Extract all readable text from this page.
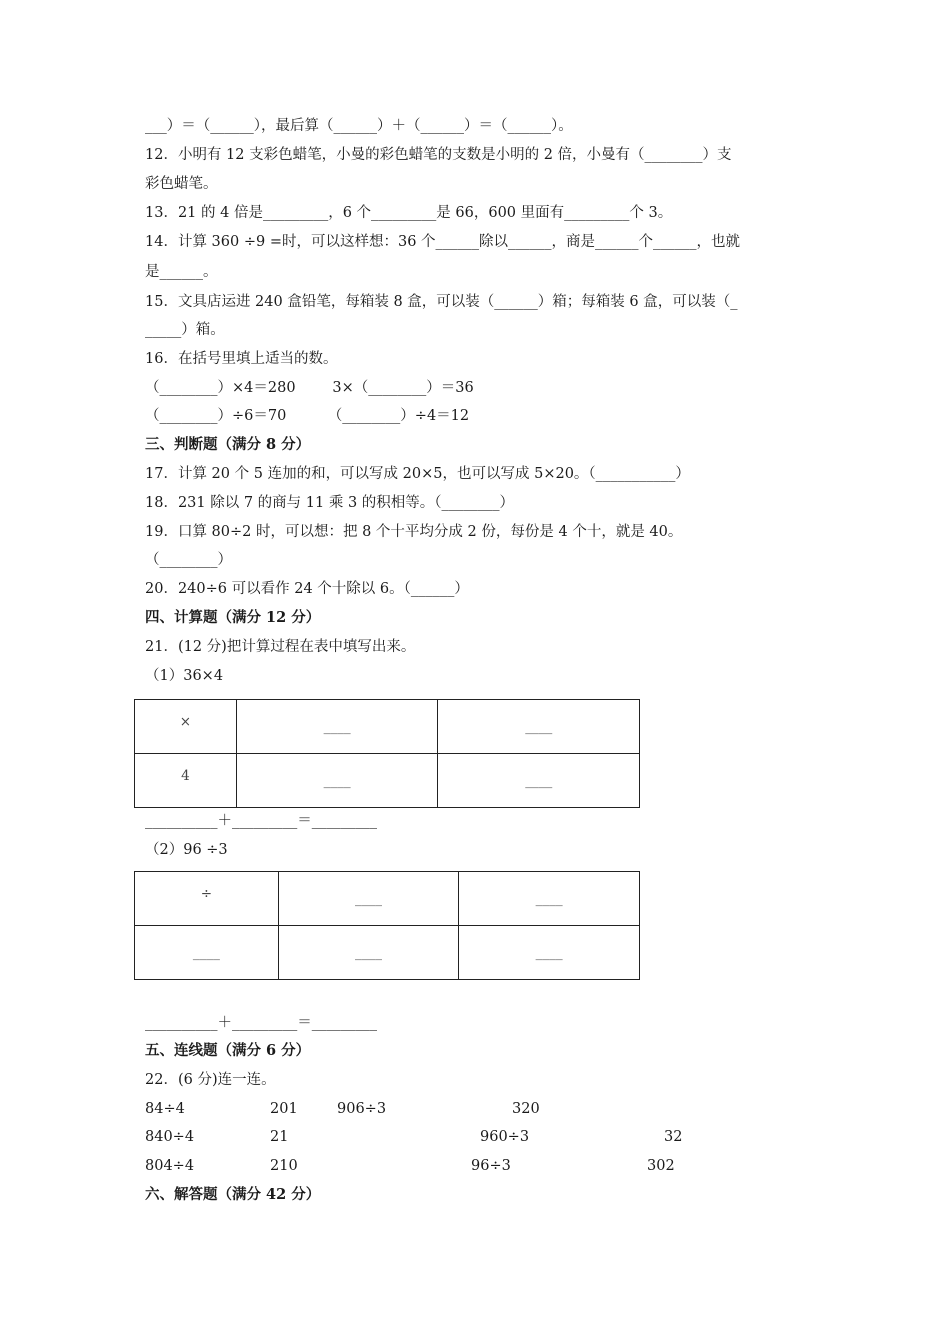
___）＝（______），最后算（______）＋（______）＝（______）。
12．小明有 12 支彩色蜡笔，小曼的彩色蜡笔的支数是小明的 2 倍，小曼有（________）支
彩色蜡笔。
13．21 的 4 倍是_________，6 个_________是 66，600 里面有_________个 3。
14．计算 360 ÷9 =时，可以这样想：36 个______除以______，商是______个______，也就
是______。
15．文具店运进 240 盒铅笔，每箱装 8 盒，可以装（______）箱；每箱装 6 盒，可以装（_
_____）箱。
16．在括号里填上适当的数。
（________）×4＝280        3×（________）＝36
（________）÷6＝70         （________）÷4＝12
三、判断题（满分 8 分）
17．计算 20 个 5 连加的和，可以写成 20×5，也可以写成 5×20。（___________）
18．231 除以 7 的商与 11 乘 3 的积相等。（________）
19．口算 80÷2 时，可以想：把 8 个十平均分成 2 份，每份是 4 个十，就是 40。
（________）
20．240÷6 可以看作 24 个十除以 6。（______）
四、计算题（满分 12 分）
21．(12 分)把计算过程在表中填写出来。
（1）36×4
×	____	____
4	____	____
__________＋_________＝_________
（2）96 ÷3
÷	____	____
____	____	____
__________＋_________＝_________
五、连线题（满分 6 分）
22．(6 分)连一连。
84÷4	201	906÷3	320
840÷4	21	960÷3	32
804÷4	210	96÷3	302
六、解答题（满分 42 分）
